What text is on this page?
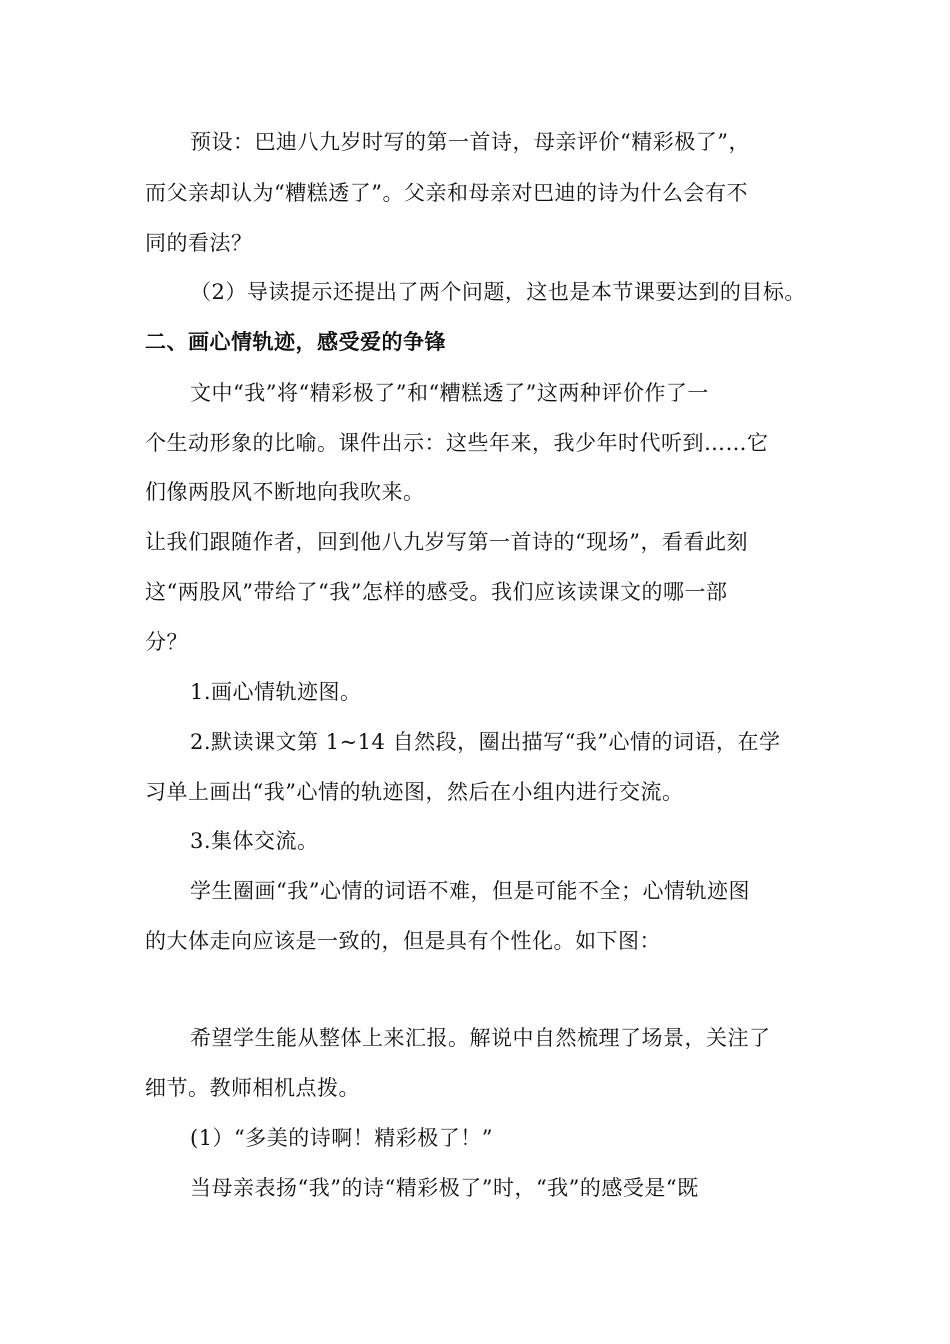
预设：巴迪八九岁时写的第一首诗，母亲评价“精彩极了”，
而父亲却认为“糟糕透了”。父亲和母亲对巴迪的诗为什么会有不
同的看法？
（2）导读提示还提出了两个问题，这也是本节课要达到的目标。
二、画心情轨迹，感受爱的争锋
文中“我”将“精彩极了”和“糟糕透了”这两种评价作了一
个生动形象的比喻。课件出示：这些年来，我少年时代听到……它
们像两股风不断地向我吹来。
让我们跟随作者，回到他八九岁写第一首诗的“现场”，看看此刻
这“两股风”带给了“我”怎样的感受。我们应该读课文的哪一部
分？
1.画心情轨迹图。
2.默读课文第 1~14 自然段，圈出描写“我”心情的词语，在学
习单上画出“我”心情的轨迹图，然后在小组内进行交流。
3.集体交流。
学生圈画“我”心情的词语不难，但是可能不全；心情轨迹图
的大体走向应该是一致的，但是具有个性化。如下图：
希望学生能从整体上来汇报。解说中自然梳理了场景，关注了
细节。教师相机点拨。
(1）“多美的诗啊！精彩极了！”
当母亲表扬“我”的诗“精彩极了”时，“我”的感受是“既
